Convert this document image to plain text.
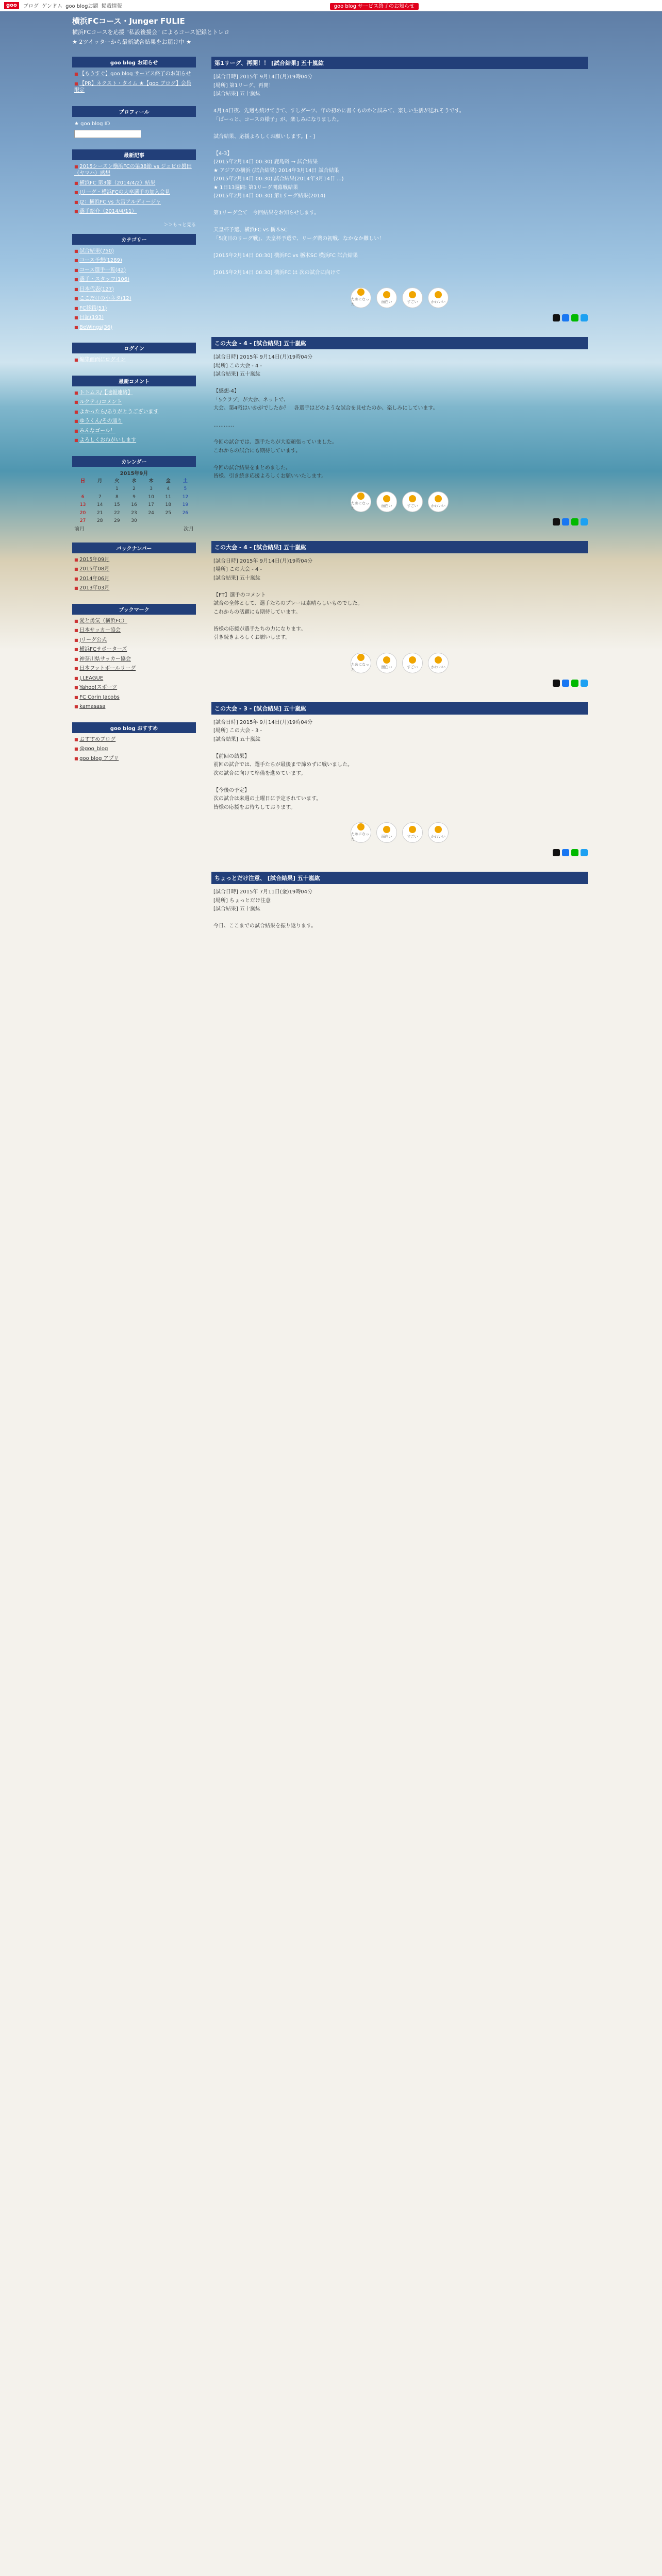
goo	ブログ ゲンドム goo blogお題 掲載情報	goo blog サービス終了のお知らせ
横浜FCコース・Junger FULIE

横浜FCコースを応援 "私設後援会" によるコース記録とトレロ

★ 2ツイッターから最新試合結果をお届け中 ★

goo blog お知らせ
■ 【もうすぐ】goo blog サービス終了のお知らせ
■ 【PR】ネクスト・タイム ★【goo ブログ】会員限定
プロフィール
★ goo blog ID
最新記事
■ 2015シーズン横浜FCの第38節 vs ジュビロ磐田（ヤマハ）感想
■ 横浜FC 第3節（2014/4/2）結果
■ Jリーグ・横浜FCの大卒選手の加入会見
■ J2：横浜FC vs 大宮アルディージャ
■ 選手紹介（2014/4/11）
＞＞もっと見る
カテゴリー
■ 試合結果(750)
■ コース予想(1289)
■ コース選手一覧(42)
■ 選手・スタッフ(106)
■ 日本代表(127)
■ ここだけの小ネタ(12)
■ FC移籍(51)
■ 日記(193)
■ BeWings(36)
ログイン
■ 編集画面にログイン
最新コメント
■ トトムス/【速報連絡】
■ ルクティ/コメント
■ よかったら/ありがとうございます
■ ゆうくん/その通り
■ みんなゴール！
■ よろしくおねがいします
カレンダー
2015年9月
日	月	火	水	木	金	土
		1	2	3	4	5
6	7	8	9	10	11	12
13	14	15	16	17	18	19
20	21	22	23	24	25	26
27	28	29	30			
前月	次月
バックナンバー
■ 2015年09月
■ 2015年08月
■ 2014年06月
■ 2013年03月
ブックマーク
■ 愛と勇気（横浜FC）
■ 日本サッカー協会
■ Jリーグ公式
■ 横浜FCサポーターズ
■ 神奈川県サッカー協会
■ 日本フットボールリーグ
■ J.LEAGUE
■ Yahoo!スポーツ
■ FC Corin Jacobs
■ kamasasa
goo blog おすすめ
■ おすすめブログ
■ @goo_blog
■ goo blog アプリ
第1リーグ、再開！！ [試合結果] 五十嵐紘
[試合日時] 2015年 9月14日(月)19時04分
[場所] 第1リーグ、再開！
[試合結果] 五十嵐紘

4月14日夜、先週も続けてきて、すしダーツ、年の初めに書くものかと試みて、楽しい生活が送れそうです。
「ぱーっと、コースの様子」が、楽しみになりました。

試合結果、応援よろしくお願いします。[ - ]

【4-3】
(2015年2月14日 00:30) 鹿島戦 → 試合結果
★ アジアの横浜 (試合結果) 2014年3月14日 試合結果
(2015年2月14日 00:30) 試合結果(2014年3月14日 ...)
★ 1日13週間: 第1リーグ開幕戦結果
(2015年2月14日 00:30) 第1リーグ結果(2014)

第1リーグ全て　今回結果をお知らせします。

天皇杯予選、横浜FC vs 栃木SC
「5度目のリーグ戦」、天皇杯予選で、リーグ戦の初戦、なかなか難しい！

[2015年2月14日 00:30] 横浜FC vs 栃木SC 横浜FC 試合結果

[2015年2月14日 00:30] 横浜FC は 次の試合に向けて
ためになった
面白い	すごい	かわいい
この大会 - 4 - [試合結果] 五十嵐紘
[試合日時] 2015年 9月14日(月)19時04分
[場所] この大会 - 4 -
[試合結果] 五十嵐紘

【感想-4】
「5クラブ」が大会、ネットで、
大会、第4戦はいかがでしたか？　各選手はどのような試合を見せたのか、楽しみにしています。

…………

今回の試合では、選手たちが大変頑張っていました。
これからの試合にも期待しています。

今回の試合結果をまとめました。
皆様、引き続き応援よろしくお願いいたします。
ためになった
面白い	すごい	かわいい
この大会 - 4 - [試合結果] 五十嵐紘
[試合日時] 2015年 9月14日(月)19時04分
[場所] この大会 - 4 -
[試合結果] 五十嵐紘

【FT】選手のコメント
試合の全体として、選手たちのプレーは素晴らしいものでした。
これからの活躍にも期待しています。

皆様の応援が選手たちの力になります。
引き続きよろしくお願いします。
ためになった
面白い	すごい	かわいい
この大会 - 3 - [試合結果] 五十嵐紘
[試合日時] 2015年 9月14日(月)19時04分
[場所] この大会 - 3 -
[試合結果] 五十嵐紘

【前回の結果】
前回の試合では、選手たちが最後まで諦めずに戦いました。
次の試合に向けて準備を進めています。

【今後の予定】
次の試合は来週の土曜日に予定されています。
皆様の応援をお待ちしております。
ためになった
面白い	すごい	かわいい
ちょっとだけ注意、 [試合結果] 五十嵐紘
[試合日時] 2015年 7月11日(金)19時04分
[場所] ちょっとだけ注意
[試合結果] 五十嵐紘

今日、ここまでの試合結果を振り返ります。
